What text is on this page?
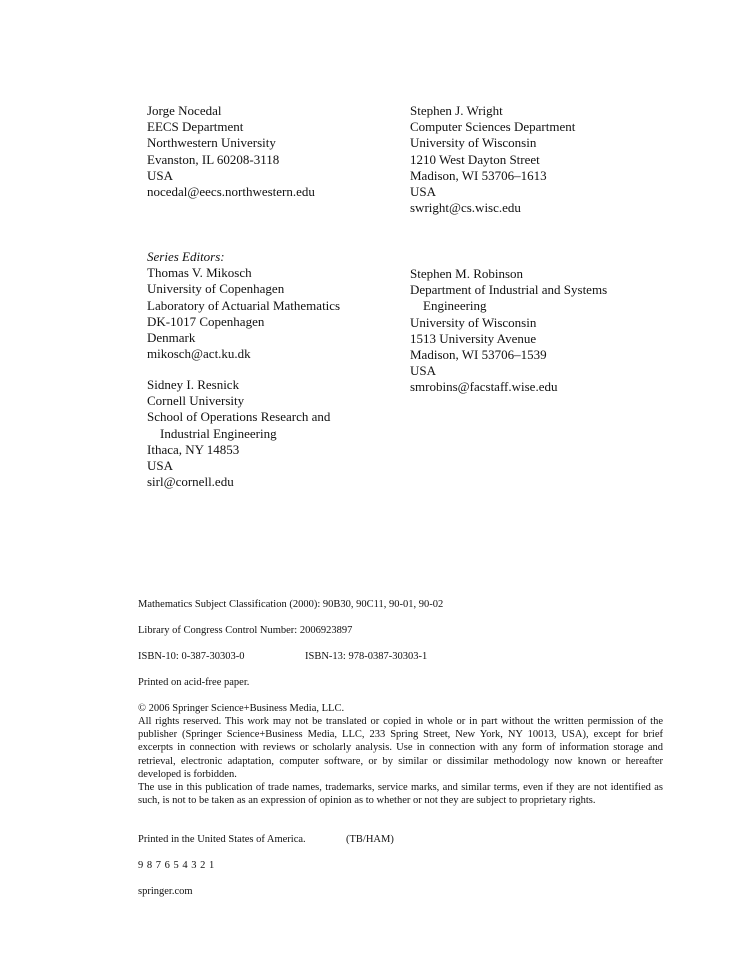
Jorge Nocedal
EECS Department
Northwestern University
Evanston, IL 60208-3118
USA
nocedal@eecs.northwestern.edu
Stephen J. Wright
Computer Sciences Department
University of Wisconsin
1210 West Dayton Street
Madison, WI 53706–1613
USA
swright@cs.wisc.edu
Series Editors:
Thomas V. Mikosch
University of Copenhagen
Laboratory of Actuarial Mathematics
DK-1017 Copenhagen
Denmark
mikosch@act.ku.dk
Sidney I. Resnick
Cornell University
School of Operations Research and
Industrial Engineering
Ithaca, NY 14853
USA
sirl@cornell.edu
Stephen M. Robinson
Department of Industrial and Systems
Engineering
University of Wisconsin
1513 University Avenue
Madison, WI 53706–1539
USA
smrobins@facstaff.wise.edu
Mathematics Subject Classification (2000): 90B30, 90C11, 90-01, 90-02
Library of Congress Control Number: 2006923897
ISBN-10: 0-387-30303-0	ISBN-13: 978-0387-30303-1
Printed on acid-free paper.
© 2006 Springer Science+Business Media, LLC.
All rights reserved. This work may not be translated or copied in whole or in part without the written permission of the publisher (Springer Science+Business Media, LLC, 233 Spring Street, New York, NY 10013, USA), except for brief excerpts in connection with reviews or scholarly analysis. Use in connection with any form of information storage and retrieval, electronic adaptation, computer software, or by similar or dissimilar methodology now known or hereafter developed is forbidden.
The use in this publication of trade names, trademarks, service marks, and similar terms, even if they are not identified as such, is not to be taken as an expression of opinion as to whether or not they are subject to proprietary rights.
Printed in the United States of America.	(TB/HAM)
9 8 7 6 5 4 3 2 1
springer.com
